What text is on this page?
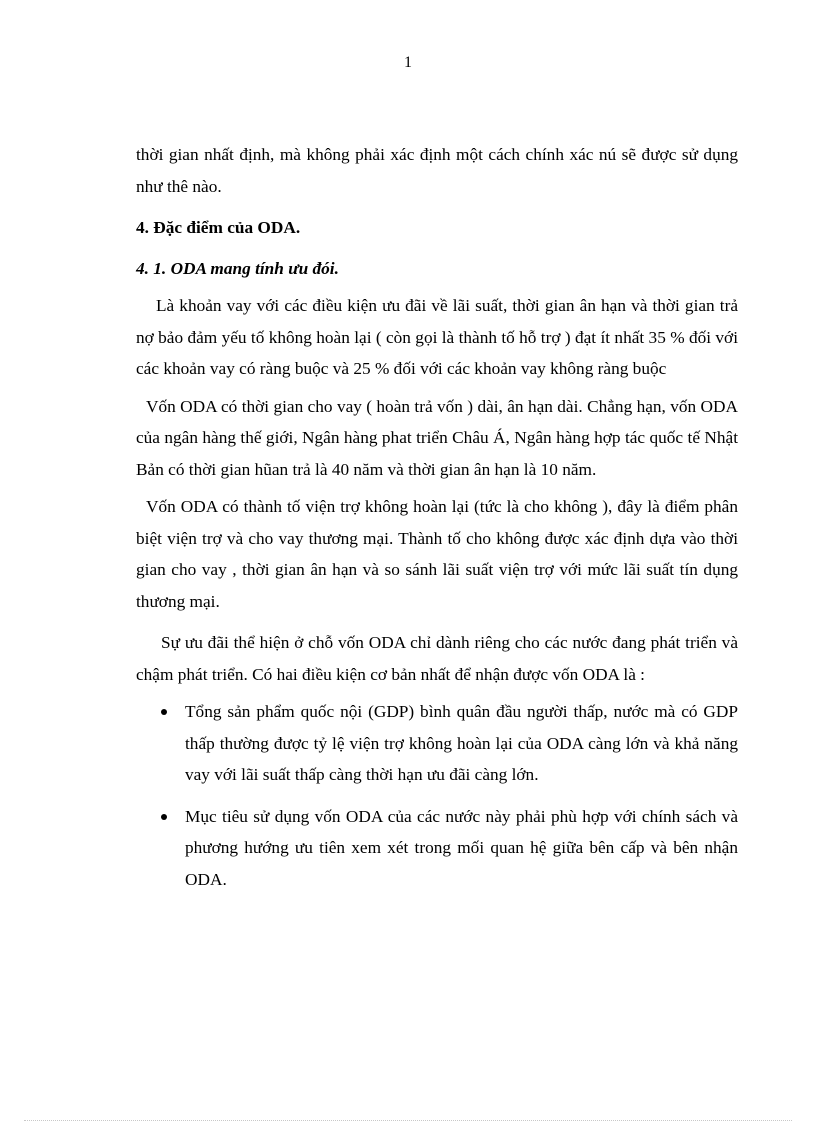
1

thời gian nhất định, mà không phải xác định một cách chính xác nú sẽ được sử dụng như thê nào.

4. Đặc điểm của ODA.

4. 1. ODA mang tính ưu đói.

Là khoản vay với các điều kiện ưu đãi về lãi suất, thời gian ân hạn và thời gian trả nợ bảo đảm yếu tố không hoàn lại ( còn gọi là thành tố hỗ trợ ) đạt ít nhất 35 % đối với các khoản vay có ràng buộc và 25 % đối với các khoản vay không ràng buộc

Vốn ODA có thời gian cho vay ( hoàn trả vốn ) dài, ân hạn dài. Chẳng hạn, vốn ODA của ngân hàng thế giới, Ngân hàng phat triển Châu Á, Ngân hàng hợp tác quốc tế Nhật Bản có thời gian hũan trả là 40 năm và thời gian ân hạn là 10 năm.

Vốn ODA có thành tố viện trợ không hoàn lại (tức là cho không ), đây là điểm phân biệt viện trợ và cho vay thương mại. Thành tố cho không được xác định dựa vào thời gian cho vay , thời gian ân hạn và so sánh lãi suất viện trợ với mức lãi suất tín dụng thương mại.

Sự ưu đãi thể hiện ở chỗ vốn ODA chỉ dành riêng cho các nước đang phát triển và chậm phát triển. Có hai điều kiện cơ bản nhất để nhận được vốn ODA là :

Tổng sản phẩm quốc nội (GDP) bình quân đầu người thấp, nước mà có GDP thấp thường được tỷ lệ viện trợ không hoàn lại của ODA càng lớn và khả năng vay với lãi suất thấp càng thời hạn ưu đãi càng lớn.
Mục tiêu sử dụng vốn ODA của các nước này phải phù hợp với chính sách và phương hướng ưu tiên xem xét trong mối quan hệ giữa bên cấp và bên nhận ODA.
